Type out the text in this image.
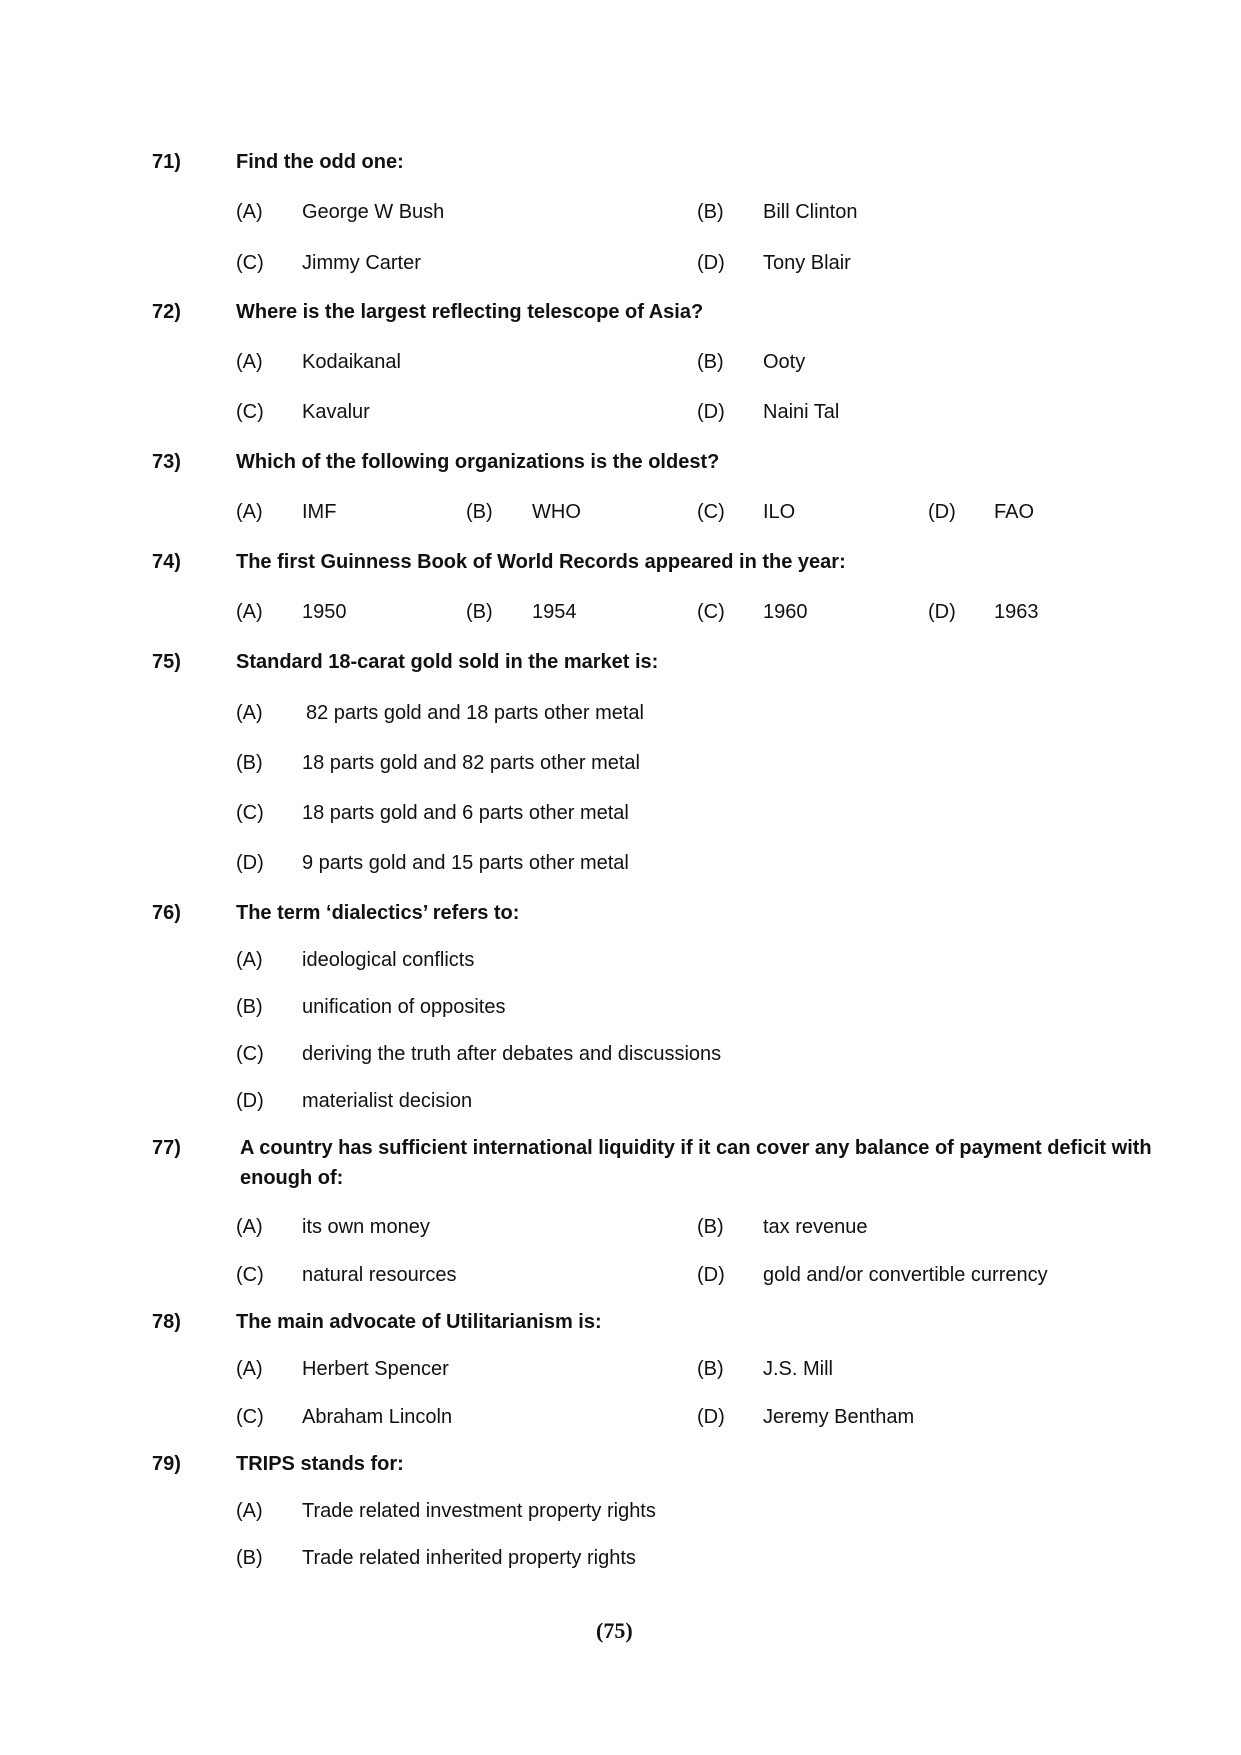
71)	Find the odd one:
(A) George W Bush	(B) Bill Clinton
(C) Jimmy Carter	(D) Tony Blair
72)	Where is the largest reflecting telescope of Asia?
(A) Kodaikanal	(B) Ooty
(C) Kavalur	(D) Naini Tal
73)	Which of the following organizations is the oldest?
(A) IMF	(B) WHO	(C) ILO	(D) FAO
74)	The first Guinness Book of World Records appeared in the year:
(A) 1950	(B) 1954	(C) 1960	(D) 1963
75)	Standard 18-carat gold sold in the market is:
(A) 82 parts gold and 18 parts other metal
(B) 18 parts gold and 82 parts other metal
(C) 18 parts gold and 6 parts other metal
(D) 9 parts gold and 15 parts other metal
76)	The term ‘dialectics’ refers to:
(A) ideological conflicts
(B) unification of opposites
(C) deriving the truth after debates and discussions
(D) materialist decision
77)	A country has sufficient international liquidity if it can cover any balance of payment deficit with enough of:
(A) its own money	(B) tax revenue
(C) natural resources	(D) gold and/or convertible currency
78)	The main advocate of Utilitarianism is:
(A) Herbert Spencer	(B) J.S. Mill
(C) Abraham Lincoln	(D) Jeremy Bentham
79)	TRIPS stands for:
(A) Trade related investment property rights
(B) Trade related inherited property rights
(75)
